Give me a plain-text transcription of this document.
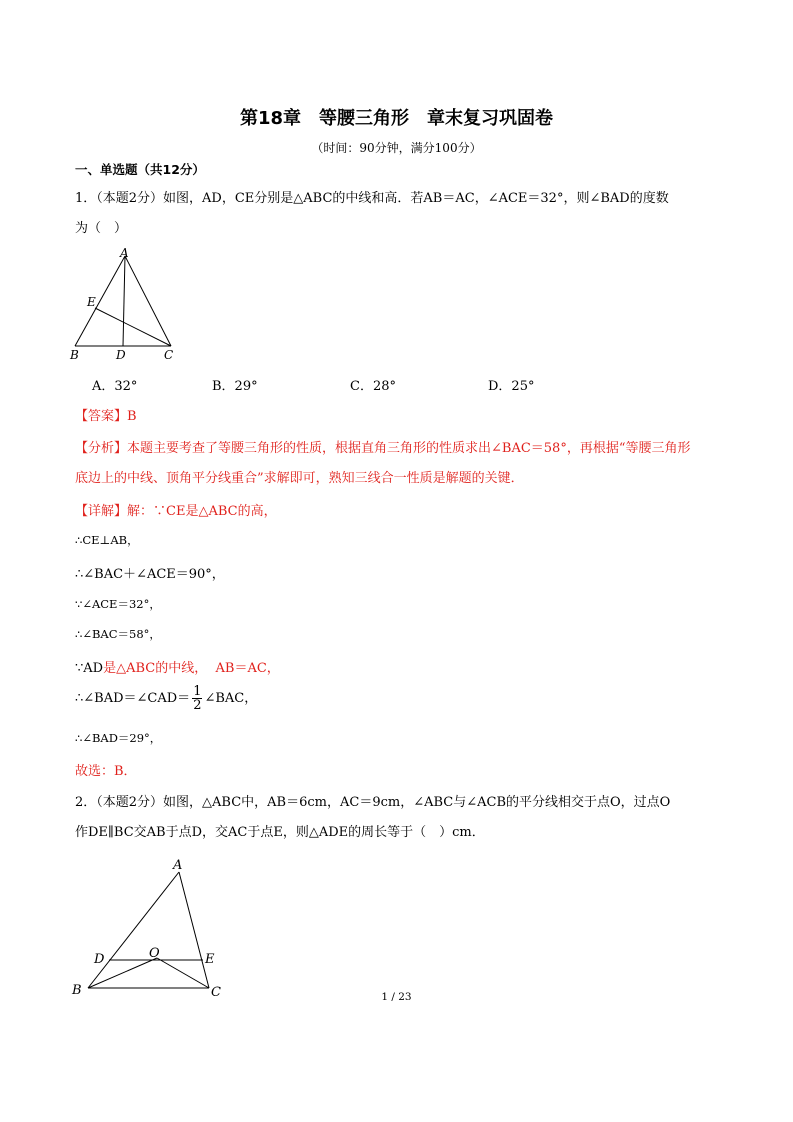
第18章　等腰三角形　章末复习巩固卷
（时间：90分钟，满分100分）
一、单选题（共12分）
1．（本题2分）如图，AD，CE分别是△ABC的中线和高．若AB＝AC，∠ACE＝32°，则∠BAD的度数
为（　）
A
E
B	D	C
A．32°	B．29°	C．28°	D．25°
【答案】B
【分析】本题主要考查了等腰三角形的性质，根据直角三角形的性质求出∠BAC＝58°，再根据“等腰三角形
底边上的中线、顶角平分线重合”求解即可，熟知三线合一性质是解题的关键．
【详解】解：∵CE是△ABC的高，
∴CE⊥AB，
∴∠BAC＋∠ACE＝90°，
∵∠ACE＝32°，
∴∠BAC＝58°，
∵AD是△ABC的中线， AB＝AC，
∴∠BAD＝∠CAD＝ $\frac{1}{2}$ ∠BAC，
∴∠BAD＝29°，
故选：B．
2．（本题2分）如图，△ABC中，AB＝6cm，AC＝9cm，∠ABC与∠ACB的平分线相交于点O，过点O
作DE∥BC交AB于点D，交AC于点E，则△ADE的周长等于（　）cm．
A
D	O	E
B	C	1 / 23
